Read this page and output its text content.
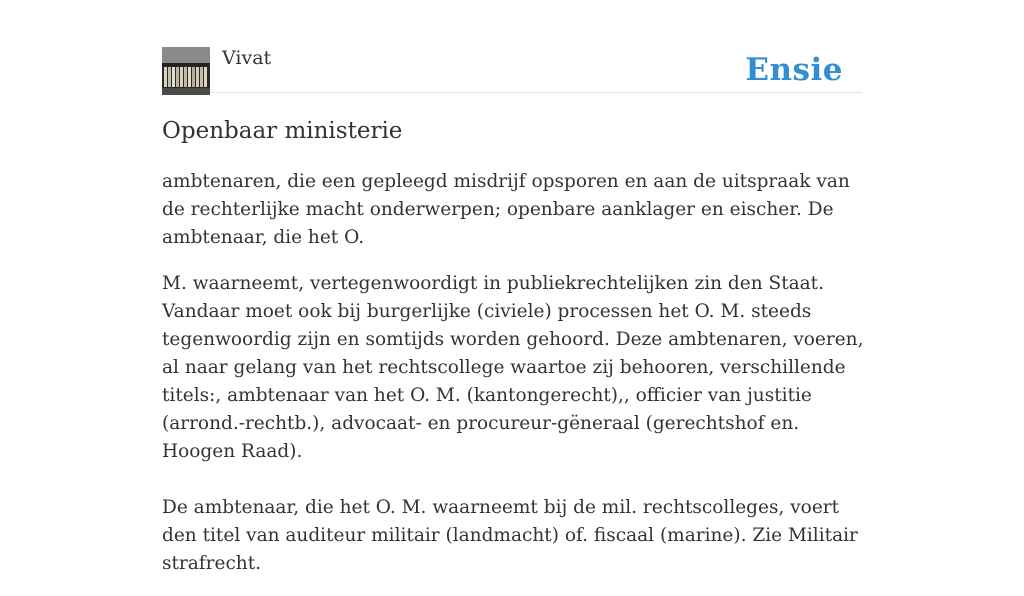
Vivat	Ensie
Openbaar ministerie

ambtenaren, die een gepleegd misdrijf opsporen en aan de uitspraak van de rechterlijke macht onderwerpen; openbare aanklager en eischer. De ambtenaar, die het O.

M. waarneemt, vertegenwoordigt in publiekrechtelijken zin den Staat. Vandaar moet ook bij burgerlijke (civiele) processen het O. M. steeds tegenwoordig zijn en somtijds worden gehoord. Deze ambtenaren, voeren, al naar gelang van het rechtscollege waartoe zij behooren, verschillende titels:, ambtenaar van het O. M. (kantongerecht),, officier van justitie (arrond.-rechtb.), advocaat- en procureur-gëneraal (gerechtshof en. Hoogen Raad).

De ambtenaar, die het O. M. waarneemt bij de mil. rechtscolleges, voert den titel van auditeur militair (landmacht) of. fiscaal (marine). Zie Militair strafrecht.
